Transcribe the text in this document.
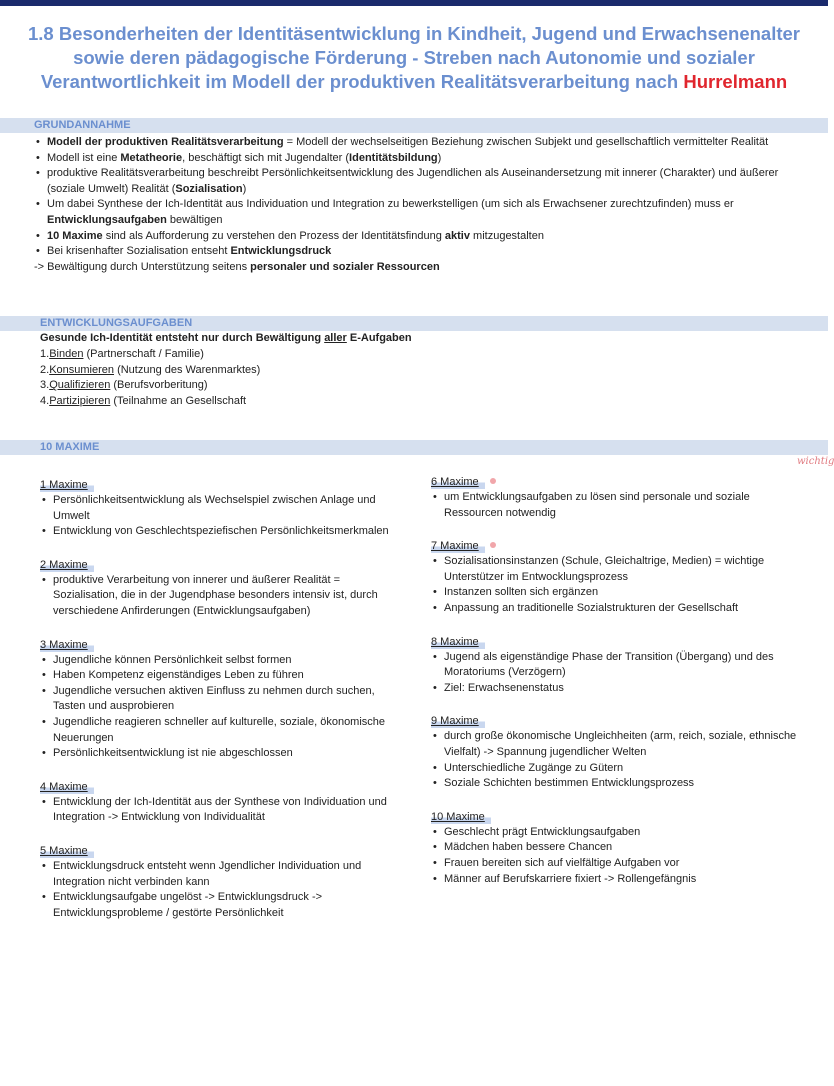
1.8 Besonderheiten der Identitäsentwicklung in Kindheit, Jugend und Erwachsenenalter sowie deren pädagogische Förderung - Streben nach Autonomie und sozialer Verantwortlichkeit im Modell der produktiven Realitätsverarbeitung nach Hurrelmann
GRUNDANNAHME
• Modell der produktiven Realitätsverarbeitung = Modell der wechselseitigen Beziehung zwischen Subjekt und gesellschaftlich vermittelter Realität
• Modell ist eine Metatheorie, beschäftigt sich mit Jugendalter (Identitätsbildung)
• produktive Realitätsverarbeitung beschreibt Persönlichkeitsentwicklung des Jugendlichen als Auseinandersetzung mit innerer (Charakter) und äußerer (soziale Umwelt) Realität (Sozialisation)
• Um dabei Synthese der Ich-Identität aus Individuation und Integration zu bewerkstelligen (um sich als Erwachsener zurechtzufinden) muss er Entwicklungsaufgaben bewältigen
• 10 Maxime sind als Aufforderung zu verstehen den Prozess der Identitätsfindung aktiv mitzugestalten
• Bei krisenhafter Sozialisation entseht Entwicklungsdruck
-> Bewältigung durch Unterstützung seitens personaler und sozialer Ressourcen
ENTWICKLUNGSAUFGABEN
Gesunde Ich-Identität entsteht nur durch Bewältigung aller E-Aufgaben
1.Binden (Partnerschaft / Familie)
2.Konsumieren (Nutzung des Warenmarktes)
3.Qualifizieren (Berufsvorberitung)
4.Partizipieren (Teilnahme an Gesellschaft
10 MAXIME
wichtig
1 Maxime
• Persönlichkeitsentwicklung als Wechselspiel zwischen Anlage und Umwelt
• Entwicklung von Geschlechtspeziefischen Persönlichkeitsmerkmalen
2 Maxime
• produktive Verarbeitung von innerer und äußerer Realität = Sozialisation, die in der Jugendphase besonders intensiv ist, durch verschiedene Anfirderungen (Entwicklungsaufgaben)
3 Maxime
• Jugendliche können Persönlichkeit selbst formen
• Haben Kompetenz eigenständiges Leben zu führen
• Jugendliche versuchen aktiven Einfluss zu nehmen durch suchen, Tasten und ausprobieren
• Jugendliche reagieren schneller auf kulturelle, soziale, ökonomische Neuerungen
• Persönlichkeitsentwicklung ist nie abgeschlossen
4 Maxime
• Entwicklung der Ich-Identität aus der Synthese von Individuation und Integration -> Entwicklung von Individualität
5 Maxime
• Entwicklungsdruck entsteht wenn Jgendlicher Individuation und Integration nicht verbinden kann
• Entwicklungsaufgabe ungelöst -> Entwicklungsdruck -> Entwicklungsprobleme / gestörte Persönlichkeit
6 Maxime
• um Entwicklungsaufgaben zu lösen sind personale und soziale Ressourcen notwendig
7 Maxime
• Sozialisationsinstanzen (Schule, Gleichaltrige, Medien) = wichtige Unterstützer im Entwocklungsprozess
• Instanzen sollten sich ergänzen
• Anpassung an traditionelle Sozialstrukturen der Gesellschaft
8 Maxime
• Jugend als eigenständige Phase der Transition (Übergang) und des Moratoriums (Verzögern)
• Ziel: Erwachsenenstatus
9 Maxime
• durch große ökonomische Ungleichheiten (arm, reich, soziale, ethnische Vielfalt) -> Spannung jugendlicher Welten
• Unterschiedliche Zugänge zu Gütern
• Soziale Schichten bestimmen Entwicklungsprozess
10 Maxime
• Geschlecht prägt Entwicklungsaufgaben
• Mädchen haben bessere Chancen
• Frauen bereiten sich auf vielfältige Aufgaben vor
• Männer auf Berufskarriere fixiert -> Rollengefängnis
